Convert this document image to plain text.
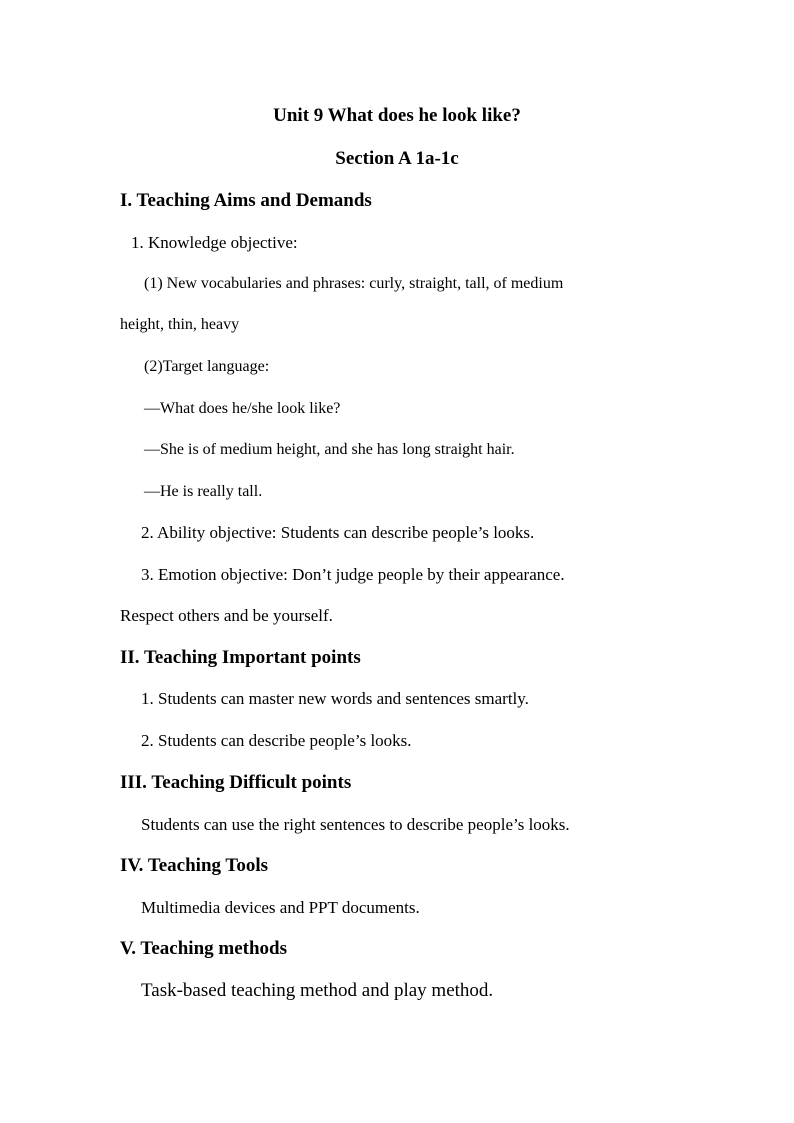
Unit 9 What does he look like?
Section A 1a-1c
I. Teaching Aims and Demands
1. Knowledge objective:
(1) New vocabularies and phrases: curly, straight, tall, of medium
height, thin, heavy
(2)Target language:
—What does he/she look like?
—She is of medium height, and she has long straight hair.
—He is really tall.
2. Ability objective: Students can describe people’s looks.
3. Emotion objective: Don’t judge people by their appearance.
Respect others and be yourself.
II. Teaching Important points
1. Students can master new words and sentences smartly.
2. Students can describe people’s looks.
III. Teaching Difficult points
Students can use the right sentences to describe people’s looks.
IV. Teaching Tools
Multimedia devices and PPT documents.
V. Teaching methods
Task-based teaching method and play method.
